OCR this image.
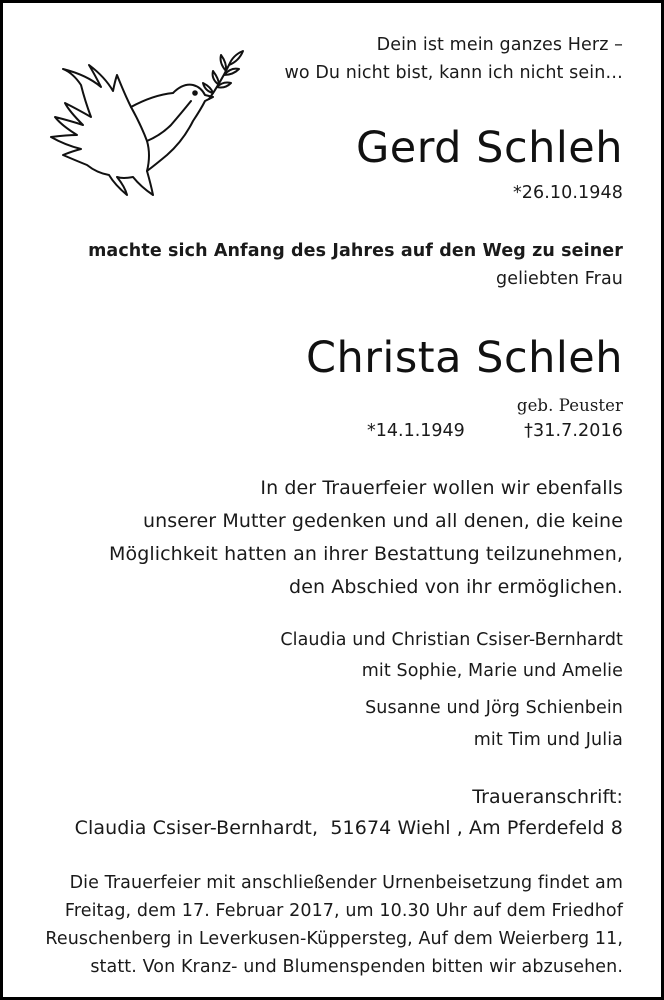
Dein ist mein ganzes Herz –
wo Du nicht bist, kann ich nicht sein…
Gerd Schleh
*26.10.1948
machte sich Anfang des Jahres auf den Weg zu seiner
geliebten Frau
Christa Schleh
geb. Peuster
*14.1.1949	†31.7.2016
In der Trauerfeier wollen wir ebenfalls
unserer Mutter gedenken und all denen, die keine
Möglichkeit hatten an ihrer Bestattung teilzunehmen,
den Abschied von ihr ermöglichen.
Claudia und Christian Csiser-Bernhardt
mit Sophie, Marie und Amelie
Susanne und Jörg Schienbein
mit Tim und Julia
Traueranschrift:
Claudia Csiser-Bernhardt,  51674 Wiehl , Am Pferdefeld 8
Die Trauerfeier mit anschließender Urnenbeisetzung findet am
Freitag, dem 17. Februar 2017, um 10.30 Uhr auf dem Friedhof
Reuschenberg in Leverkusen-Küppersteg, Auf dem Weierberg 11,
statt. Von Kranz- und Blumenspenden bitten wir abzusehen.
